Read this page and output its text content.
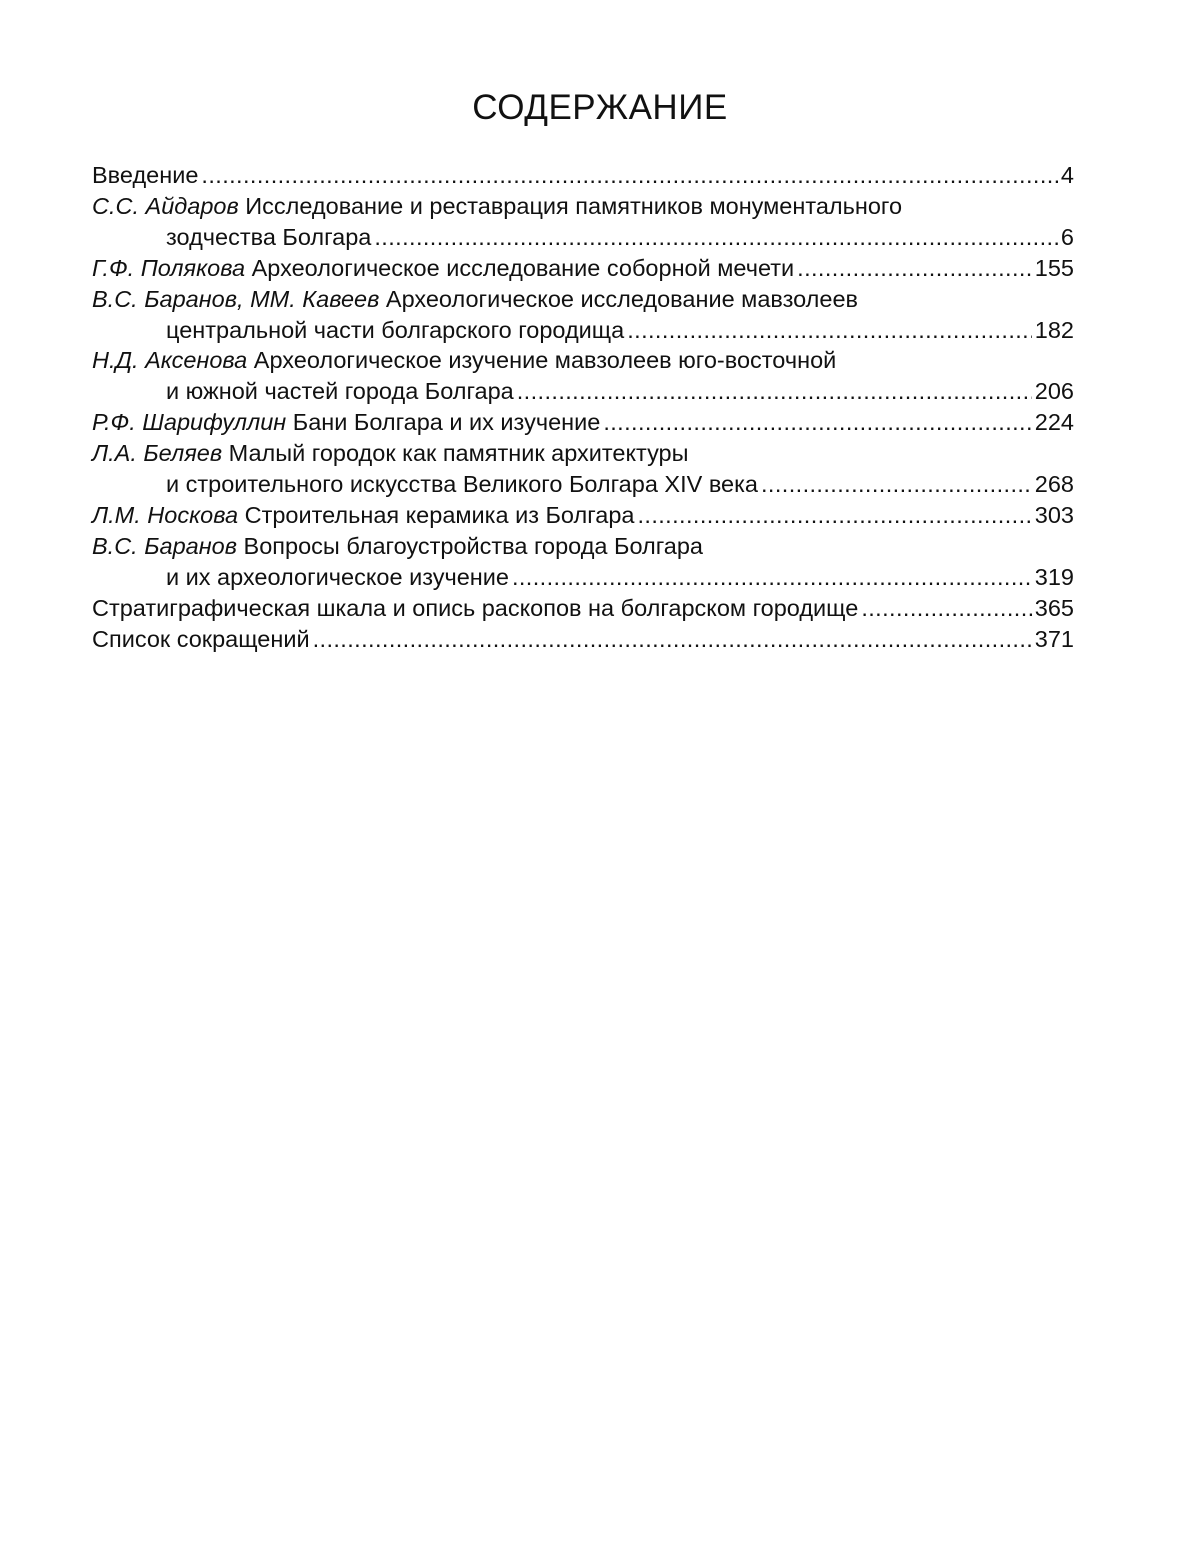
СОДЕРЖАНИЕ
Введение .....	4
С.С. Айдаров Исследование и реставрация памятников монументального
зодчества Болгара .....	6
Г.Ф. Полякова Археологическое исследование соборной мечети .....	155
В.С. Баранов, ММ. Кавеев Археологическое исследование мавзолеев
центральной части болгарского городища .....	182
Н.Д. Аксенова Археологическое изучение мавзолеев юго-восточной
и южной частей города Болгара .....	206
Р.Ф. Шарифуллин Бани Болгара и их изучение .....	224
Л.А. Беляев Малый городок как памятник архитектуры
и строительного искусства Великого Болгара XIV века .....	268
Л.М. Носкова Строительная керамика из Болгара .....	303
В.С. Баранов Вопросы благоустройства города Болгара
и их археологическое изучение .....	319
Стратиграфическая шкала и опись раскопов на болгарском городище .....	365
Список сокращений .....	371
